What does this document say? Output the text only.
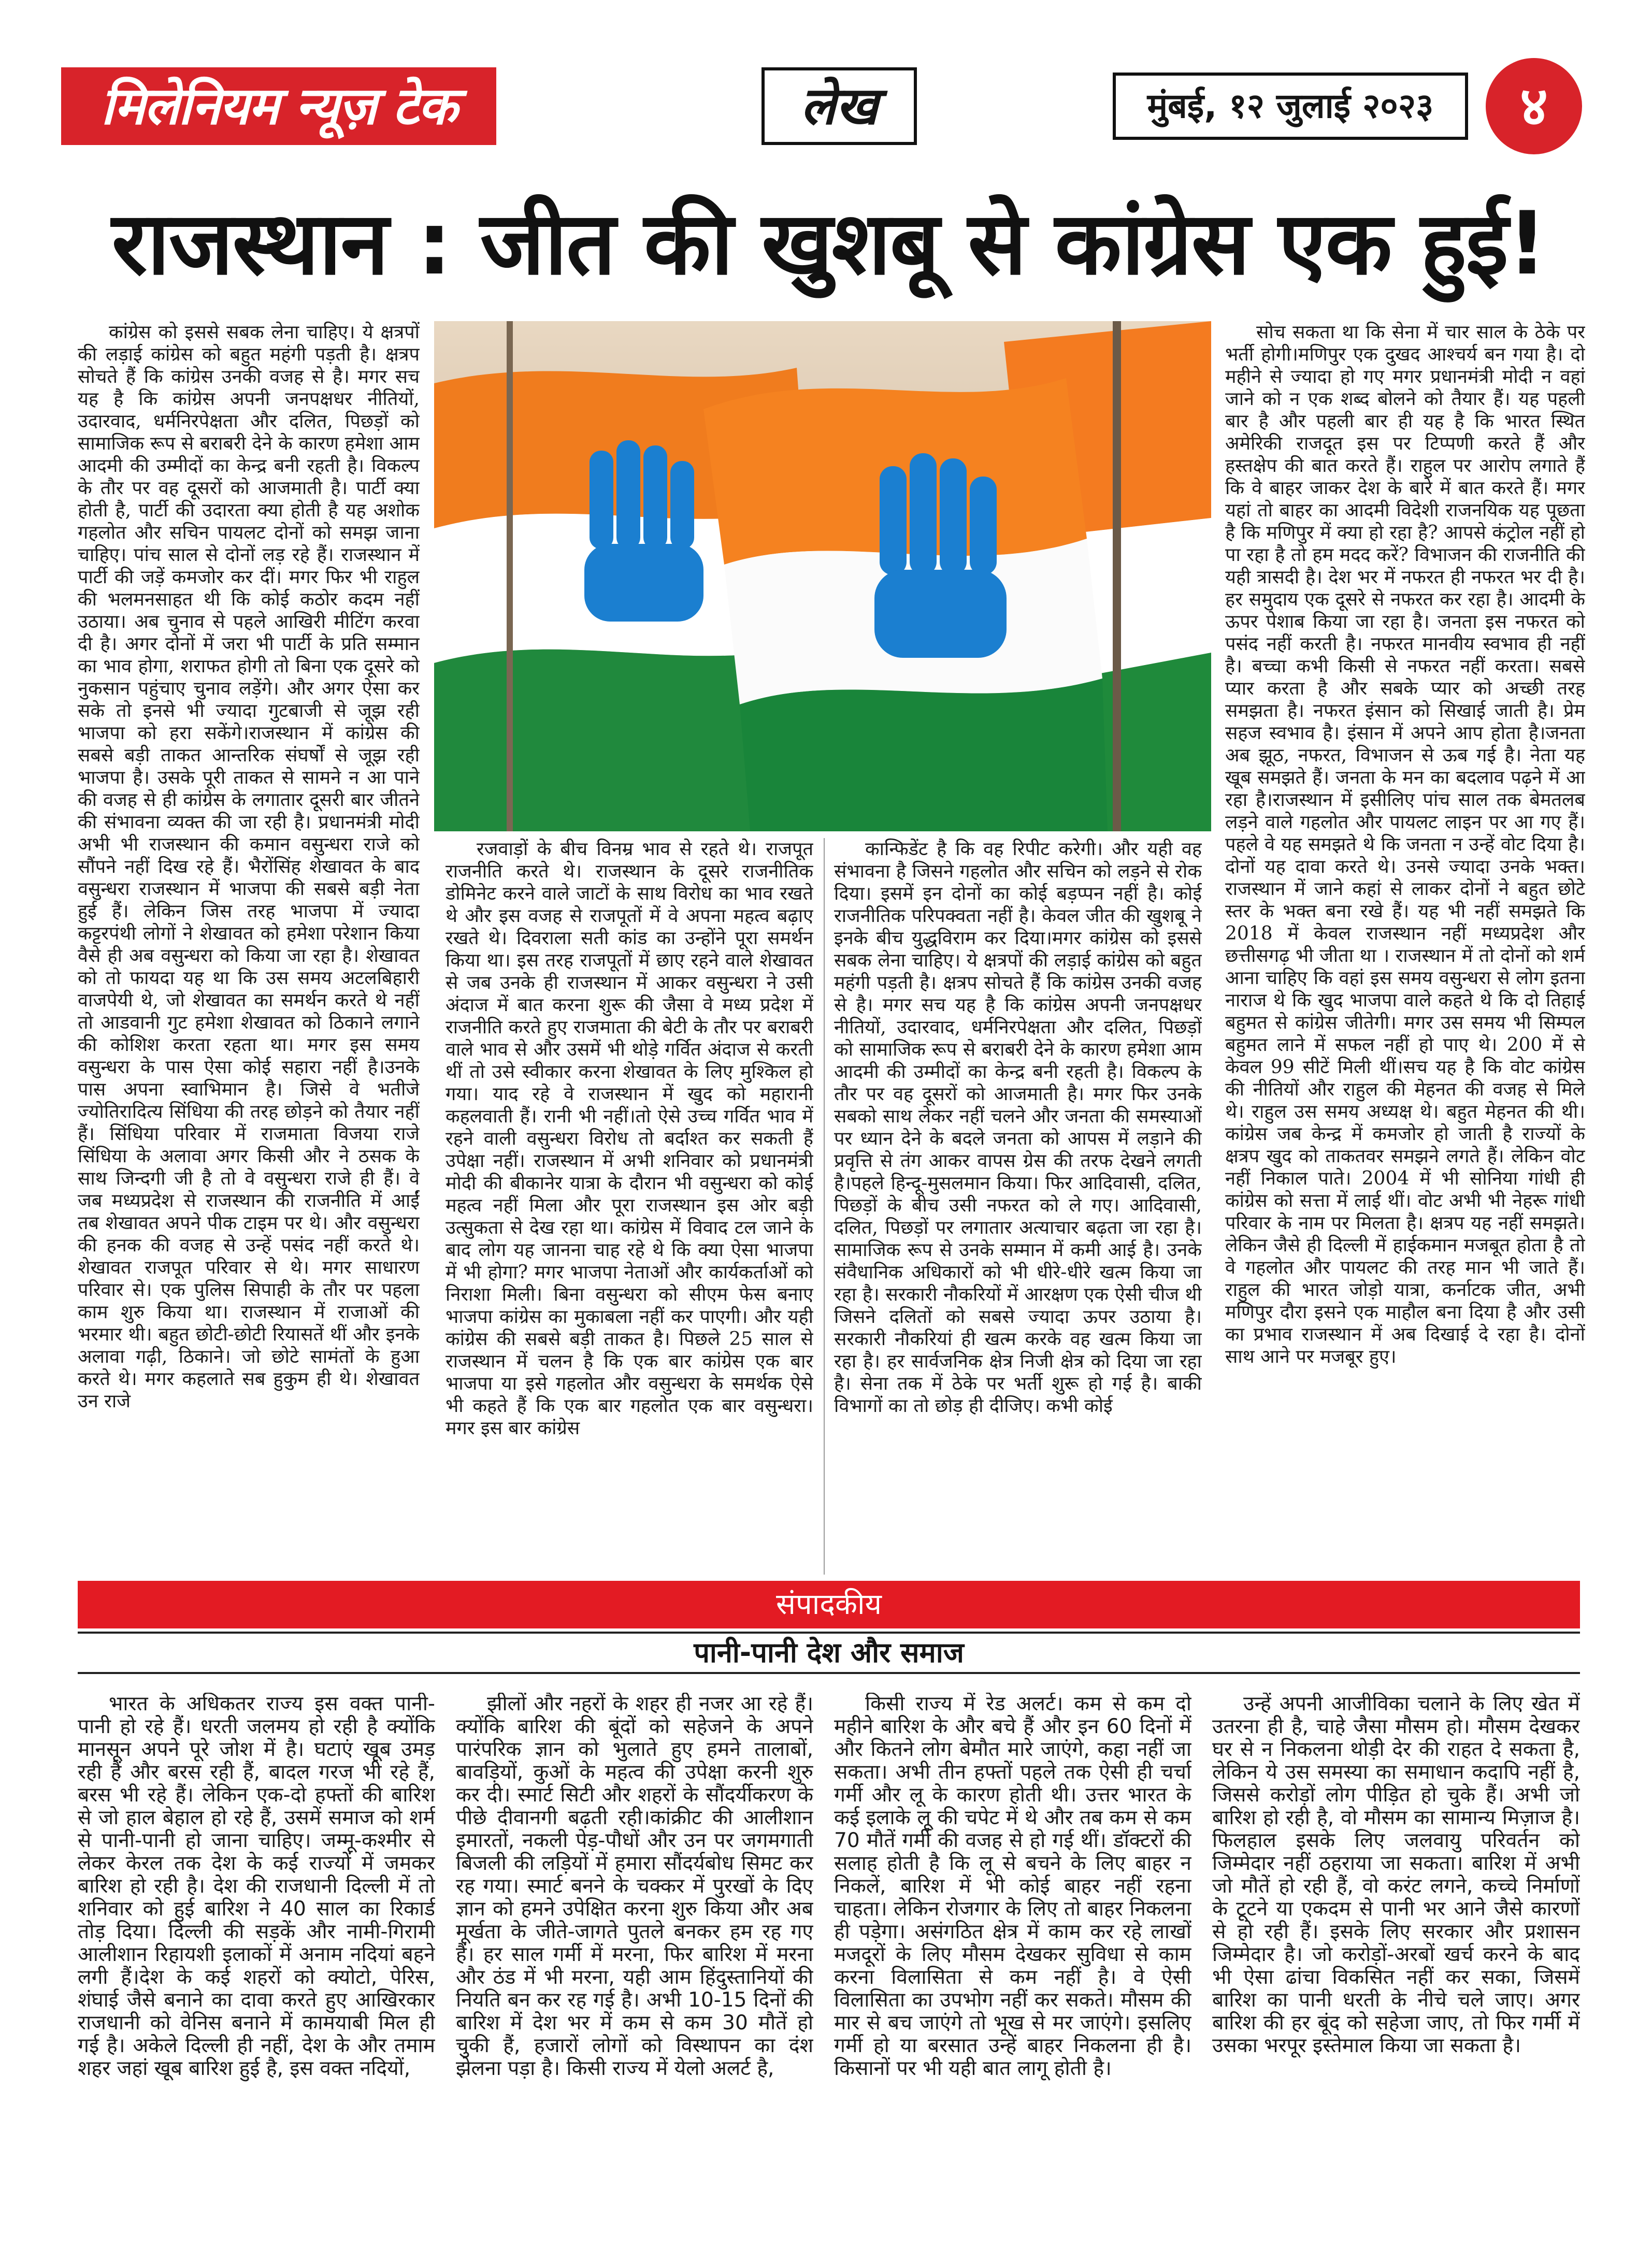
मिलेनियम न्यूज़ टेक	लेख	मुंबई, १२ जुलाई २०२३	४
राजस्थान : जीत की खुशबू से कांग्रेस एक हुई!

कांग्रेस को इससे सबक लेना चाहिए। ये क्षत्रपों की लड़ाई कांग्रेस को बहुत महंगी पड़ती है। क्षत्रप सोचते हैं कि कांग्रेस उनकी वजह से है। मगर सच यह है कि कांग्रेस अपनी जनपक्षधर नीतियों, उदारवाद, धर्मनिरपेक्षता और दलित, पिछड़ों को सामाजिक रूप से बराबरी देने के कारण हमेशा आम आदमी की उम्मीदों का केन्द्र बनी रहती है। विकल्प के तौर पर वह दूसरों को आजमाती है। पार्टी क्या होती है, पार्टी की उदारता क्या होती है यह अशोक गहलोत और सचिन पायलट दोनों को समझ जाना चाहिए। पांच साल से दोनों लड़ रहे हैं। राजस्थान में पार्टी की जड़ें कमजोर कर दीं। मगर फिर भी राहुल की भलमनसाहत थी कि कोई कठोर कदम नहीं उठाया। अब चुनाव से पहले आखिरी मीटिंग करवा दी है। अगर दोनों में जरा भी पार्टी के प्रति सम्मान का भाव होगा, शराफत होगी तो बिना एक दूसरे को नुकसान पहुंचाए चुनाव लड़ेंगे। और अगर ऐसा कर सके तो इनसे भी ज्यादा गुटबाजी से जूझ रही भाजपा को हरा सकेंगे।राजस्थान में कांग्रेस की सबसे बड़ी ताकत आन्तरिक संघर्षों से जूझ रही भाजपा है। उसके पूरी ताकत से सामने न आ पाने की वजह से ही कांग्रेस के लगातार दूसरी बार जीतने की संभावना व्यक्त की जा रही है। प्रधानमंत्री मोदी अभी भी राजस्थान की कमान वसुन्धरा राजे को सौंपने नहीं दिख रहे हैं। भैरोंसिंह शेखावत के बाद वसुन्धरा राजस्थान में भाजपा की सबसे बड़ी नेता हुई हैं। लेकिन जिस तरह भाजपा में ज्यादा कट्टरपंथी लोगों ने शेखावत को हमेशा परेशान किया वैसे ही अब वसुन्धरा को किया जा रहा है। शेखावत को तो फायदा यह था कि उस समय अटलबिहारी वाजपेयी थे, जो शेखावत का समर्थन करते थे नहीं तो आडवानी गुट हमेशा शेखावत को ठिकाने लगाने की कोशिश करता रहता था। मगर इस समय वसुन्धरा के पास ऐसा कोई सहारा नहीं है।उनके पास अपना स्वाभिमान है। जिसे वे भतीजे ज्योतिरादित्य सिंधिया की तरह छोड़ने को तैयार नहीं हैं। सिंधिया परिवार में राजमाता विजया राजे सिंधिया के अलावा अगर किसी और ने ठसक के साथ जिन्दगी जी है तो वे वसुन्धरा राजे ही हैं। वे जब मध्यप्रदेश से राजस्थान की राजनीति में आईं तब शेखावत अपने पीक टाइम पर थे। और वसुन्धरा की हनक की वजह से उन्हें पसंद नहीं करते थे। शेखावत राजपूत परिवार से थे। मगर साधारण परिवार से। एक पुलिस सिपाही के तौर पर पहला काम शुरु किया था। राजस्थान में राजाओं की भरमार थी। बहुत छोटी-छोटी रियासतें थीं और इनके अलावा गढ़ी, ठिकाने। जो छोटे सामंतों के हुआ करते थे। मगर कहलाते सब हुकुम ही थे। शेखावत उन राजे

रजवाड़ों के बीच विनम्र भाव से रहते थे। राजपूत राजनीति करते थे। राजस्थान के दूसरे राजनीतिक डोमिनेट करने वाले जाटों के साथ विरोध का भाव रखते थे और इस वजह से राजपूतों में वे अपना महत्व बढ़ाए रखते थे। दिवराला सती कांड का उन्होंने पूरा समर्थन किया था। इस तरह राजपूतों में छाए रहने वाले शेखावत से जब उनके ही राजस्थान में आकर वसुन्धरा ने उसी अंदाज में बात करना शुरू की जैसा वे मध्य प्रदेश में राजनीति करते हुए राजमाता की बेटी के तौर पर बराबरी वाले भाव से और उसमें भी थोड़े गर्वित अंदाज से करती थीं तो उसे स्वीकार करना शेखावत के लिए मुश्किल हो गया। याद रहे वे राजस्थान में खुद को महारानी कहलवाती हैं। रानी भी नहीं।तो ऐसे उच्च गर्वित भाव में रहने वाली वसुन्धरा विरोध तो बर्दाश्त कर सकती हैं उपेक्षा नहीं। राजस्थान में अभी शनिवार को प्रधानमंत्री मोदी की बीकानेर यात्रा के दौरान भी वसुन्धरा को कोई महत्व नहीं मिला और पूरा राजस्थान इस ओर बड़ी उत्सुकता से देख रहा था। कांग्रेस में विवाद टल जाने के बाद लोग यह जानना चाह रहे थे कि क्या ऐसा भाजपा में भी होगा? मगर भाजपा नेताओं और कार्यकर्ताओं को निराशा मिली। बिना वसुन्धरा को सीएम फेस बनाए भाजपा कांग्रेस का मुकाबला नहीं कर पाएगी। और यही कांग्रेस की सबसे बड़ी ताकत है। पिछले 25 साल से राजस्थान में चलन है कि एक बार कांग्रेस एक बार भाजपा या इसे गहलोत और वसुन्धरा के समर्थक ऐसे भी कहते हैं कि एक बार गहलोत एक बार वसुन्धरा। मगर इस बार कांग्रेस

कान्फिडेंट है कि वह रिपीट करेगी। और यही वह संभावना है जिसने गहलोत और सचिन को लड़ने से रोक दिया। इसमें इन दोनों का कोई बड़प्पन नहीं है। कोई राजनीतिक परिपक्वता नहीं है। केवल जीत की खुशबू ने इनके बीच युद्धविराम कर दिया।मगर कांग्रेस को इससे सबक लेना चाहिए। ये क्षत्रपों की लड़ाई कांग्रेस को बहुत महंगी पड़ती है। क्षत्रप सोचते हैं कि कांग्रेस उनकी वजह से है। मगर सच यह है कि कांग्रेस अपनी जनपक्षधर नीतियों, उदारवाद, धर्मनिरपेक्षता और दलित, पिछड़ों को सामाजिक रूप से बराबरी देने के कारण हमेशा आम आदमी की उम्मीदों का केन्द्र बनी रहती है। विकल्प के तौर पर वह दूसरों को आजमाती है। मगर फिर उनके सबको साथ लेकर नहीं चलने और जनता की समस्याओं पर ध्यान देने के बदले जनता को आपस में लड़ाने की प्रवृत्ति से तंग आकर वापस ग्रेस की तरफ देखने लगती है।पहले हिन्दू-मुसलमान किया। फिर आदिवासी, दलित, पिछड़ों के बीच उसी नफरत को ले गए। आदिवासी, दलित, पिछड़ों पर लगातार अत्याचार बढ़ता जा रहा है। सामाजिक रूप से उनके सम्मान में कमी आई है। उनके संवैधानिक अधिकारों को भी धीरे-धीरे खत्म किया जा रहा है। सरकारी नौकरियों में आरक्षण एक ऐसी चीज थी जिसने दलितों को सबसे ज्यादा ऊपर उठाया है। सरकारी नौकरियां ही खत्म करके वह खत्म किया जा रहा है। हर सार्वजनिक क्षेत्र निजी क्षेत्र को दिया जा रहा है। सेना तक में ठेके पर भर्ती शुरू हो गई है। बाकी विभागों का तो छोड़ ही दीजिए। कभी कोई

सोच सकता था कि सेना में चार साल के ठेके पर भर्ती होगी।मणिपुर एक दुखद आश्चर्य बन गया है। दो महीने से ज्यादा हो गए मगर प्रधानमंत्री मोदी न वहां जाने को न एक शब्द बोलने को तैयार हैं। यह पहली बार है और पहली बार ही यह है कि भारत स्थित अमेरिकी राजदूत इस पर टिप्पणी करते हैं और हस्तक्षेप की बात करते हैं। राहुल पर आरोप लगाते हैं कि वे बाहर जाकर देश के बारे में बात करते हैं। मगर यहां तो बाहर का आदमी विदेशी राजनयिक यह पूछता है कि मणिपुर में क्या हो रहा है? आपसे कंट्रोल नहीं हो पा रहा है तो हम मदद करें? विभाजन की राजनीति की यही त्रासदी है। देश भर में नफरत ही नफरत भर दी है। हर समुदाय एक दूसरे से नफरत कर रहा है। आदमी के ऊपर पेशाब किया जा रहा है। जनता इस नफरत को पसंद नहीं करती है। नफरत मानवीय स्वभाव ही नहीं है। बच्चा कभी किसी से नफरत नहीं करता। सबसे प्यार करता है और सबके प्यार को अच्छी तरह समझता है। नफरत इंसान को सिखाई जाती है। प्रेम सहज स्वभाव है। इंसान में अपने आप होता है।जनता अब झूठ, नफरत, विभाजन से ऊब गई है। नेता यह खूब समझते हैं। जनता के मन का बदलाव पढ़ने में आ रहा है।राजस्थान में इसीलिए पांच साल तक बेमतलब लड़ने वाले गहलोत और पायलट लाइन पर आ गए हैं। पहले वे यह समझते थे कि जनता न उन्हें वोट दिया है। दोनों यह दावा करते थे। उनसे ज्यादा उनके भक्त। राजस्थान में जाने कहां से लाकर दोनों ने बहुत छोटे स्तर के भक्त बना रखे हैं। यह भी नहीं समझते कि 2018 में केवल राजस्थान नहीं मध्यप्रदेश और छत्तीसगढ़ भी जीता था । राजस्थान में तो दोनों को शर्म आना चाहिए कि वहां इस समय वसुन्धरा से लोग इतना नाराज थे कि खुद भाजपा वाले कहते थे कि दो तिहाई बहुमत से कांग्रेस जीतेगी। मगर उस समय भी सिम्पल बहुमत लाने में सफल नहीं हो पाए थे। 200 में से केवल 99 सीटें मिली थीं।सच यह है कि वोट कांग्रेस की नीतियों और राहुल की मेहनत की वजह से मिले थे। राहुल उस समय अध्यक्ष थे। बहुत मेहनत की थी।कांग्रेस जब केन्द्र में कमजोर हो जाती है राज्यों के क्षत्रप खुद को ताकतवर समझने लगते हैं। लेकिन वोट नहीं निकाल पाते। 2004 में भी सोनिया गांधी ही कांग्रेस को सत्ता में लाई थीं। वोट अभी भी नेहरू गांधी परिवार के नाम पर मिलता है। क्षत्रप यह नहीं समझते। लेकिन जैसे ही दिल्ली में हाईकमान मजबूत होता है तो वे गहलोत और पायलट की तरह मान भी जाते हैं।राहुल की भारत जोड़ो यात्रा, कर्नाटक जीत, अभी मणिपुर दौरा इसने एक माहौल बना दिया है और उसी का प्रभाव राजस्थान में अब दिखाई दे रहा है। दोनों साथ आने पर मजबूर हुए।

संपादकीय
पानी-पानी देश और समाज

भारत के अधिकतर राज्य इस वक्त पानी-पानी हो रहे हैं। धरती जलमय हो रही है क्योंकि मानसून अपने पूरे जोश में है। घटाएं खूब उमड़ रही हैं और बरस रही हैं, बादल गरज भी रहे हैं, बरस भी रहे हैं। लेकिन एक-दो हफ्तों की बारिश से जो हाल बेहाल हो रहे हैं, उसमें समाज को शर्म से पानी-पानी हो जाना चाहिए। जम्मू-कश्मीर से लेकर केरल तक देश के कई राज्यों में जमकर बारिश हो रही है। देश की राजधानी दिल्ली में तो शनिवार को हुई बारिश ने 40 साल का रिकार्ड तोड़ दिया। दिल्ली की सड़कें और नामी-गिरामी आलीशान रिहायशी इलाकों में अनाम नदियां बहने लगी हैं।देश के कई शहरों को क्योटो, पेरिस, शंघाई जैसे बनाने का दावा करते हुए आखिरकार राजधानी को वेनिस बनाने में कामयाबी मिल ही गई है। अकेले दिल्ली ही नहीं, देश के और तमाम शहर जहां खूब बारिश हुई है, इस वक्त नदियों,

झीलों और नहरों के शहर ही नजर आ रहे हैं। क्योंकि बारिश की बूंदों को सहेजने के अपने पारंपरिक ज्ञान को भुलाते हुए हमने तालाबों, बावड़ियों, कुओं के महत्व की उपेक्षा करनी शुरु कर दी। स्मार्ट सिटी और शहरों के सौंदर्यीकरण के पीछे दीवानगी बढ़ती रही।कांक्रीट की आलीशान इमारतों, नकली पेड़-पौधों और उन पर जगमगाती बिजली की लड़ियों में हमारा सौंदर्यबोध सिमट कर रह गया। स्मार्ट बनने के चक्कर में पुरखों के दिए ज्ञान को हमने उपेक्षित करना शुरु किया और अब मूर्खता के जीते-जागते पुतले बनकर हम रह गए हैं। हर साल गर्मी में मरना, फिर बारिश में मरना और ठंड में भी मरना, यही आम हिंदुस्तानियों की नियति बन कर रह गई है। अभी 10-15 दिनों की बारिश में देश भर में कम से कम 30 मौतें हो चुकी हैं, हजारों लोगों को विस्थापन का दंश झेलना पड़ा है। किसी राज्य में येलो अलर्ट है,

किसी राज्य में रेड अलर्ट। कम से कम दो महीने बारिश के और बचे हैं और इन 60 दिनों में और कितने लोग बेमौत मारे जाएंगे, कहा नहीं जा सकता। अभी तीन हफ्तों पहले तक ऐसी ही चर्चा गर्मी और लू के कारण होती थी। उत्तर भारत के कई इलाके लू की चपेट में थे और तब कम से कम 70 मौतें गर्मी की वजह से हो गई थीं। डॉक्टरों की सलाह होती है कि लू से बचने के लिए बाहर न निकलें, बारिश में भी कोई बाहर नहीं रहना चाहता। लेकिन रोजगार के लिए तो बाहर निकलना ही पड़ेगा। असंगठित क्षेत्र में काम कर रहे लाखों मजदूरों के लिए मौसम देखकर सुविधा से काम करना विलासिता से कम नहीं है। वे ऐसी विलासिता का उपभोग नहीं कर सकते। मौसम की मार से बच जाएंगे तो भूख से मर जाएंगे। इसलिए गर्मी हो या बरसात उन्हें बाहर निकलना ही है। किसानों पर भी यही बात लागू होती है।

उन्हें अपनी आजीविका चलाने के लिए खेत में उतरना ही है, चाहे जैसा मौसम हो। मौसम देखकर घर से न निकलना थोड़ी देर की राहत दे सकता है, लेकिन ये उस समस्या का समाधान कदापि नहीं है, जिससे करोड़ों लोग पीड़ित हो चुके हैं। अभी जो बारिश हो रही है, वो मौसम का सामान्य मिज़ाज है। फिलहाल इसके लिए जलवायु परिवर्तन को जिम्मेदार नहीं ठहराया जा सकता। बारिश में अभी जो मौतें हो रही हैं, वो करंट लगने, कच्चे निर्माणों के टूटने या एकदम से पानी भर आने जैसे कारणों से हो रही हैं। इसके लिए सरकार और प्रशासन जिम्मेदार है। जो करोड़ों-अरबों खर्च करने के बाद भी ऐसा ढांचा विकसित नहीं कर सका, जिसमें बारिश का पानी धरती के नीचे चले जाए। अगर बारिश की हर बूंद को सहेजा जाए, तो फिर गर्मी में उसका भरपूर इस्तेमाल किया जा सकता है।
